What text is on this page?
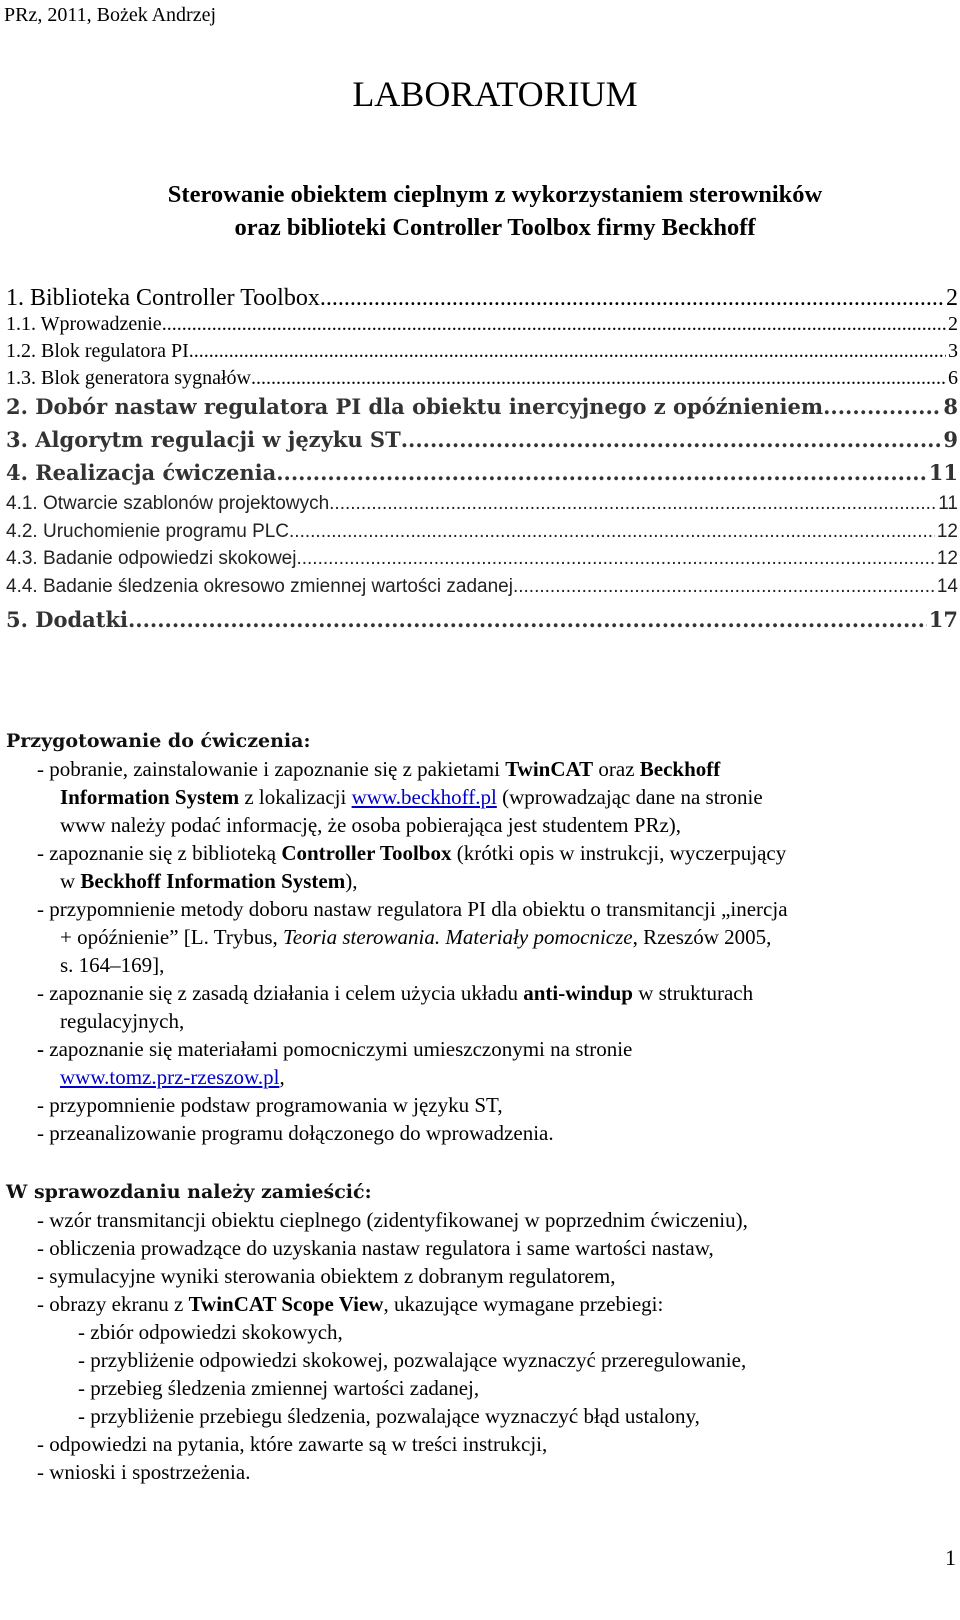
PRz, 2011, Bożek Andrzej
LABORATORIUM
Sterowanie obiektem cieplnym z wykorzystaniem sterowników
oraz biblioteki Controller Toolbox firmy Beckhoff
1. Biblioteka Controller Toolbox .....	2
1.1. Wprowadzenie .....	2
1.2. Blok regulatora PI .....	3
1.3. Blok generatora sygnałów .....	6
2. Dobór nastaw regulatora PI dla obiektu inercyjnego z opóźnieniem .....	8
3. Algorytm regulacji w języku ST .....	9
4. Realizacja ćwiczenia .....	11
4.1. Otwarcie szablonów projektowych .....	11
4.2. Uruchomienie programu PLC .....	12
4.3. Badanie odpowiedzi skokowej .....	12
4.4. Badanie śledzenia okresowo zmiennej wartości zadanej .....	14
5. Dodatki .....	17
Przygotowanie do ćwiczenia:
- pobranie, zainstalowanie i zapoznanie się z pakietami TwinCAT oraz Beckhoff
Information System z lokalizacji www.beckhoff.pl (wprowadzając dane na stronie
www należy podać informację, że osoba pobierająca jest studentem PRz),
- zapoznanie się z biblioteką Controller Toolbox (krótki opis w instrukcji, wyczerpujący
w Beckhoff Information System),
- przypomnienie metody doboru nastaw regulatora PI dla obiektu o transmitancji „inercja
+ opóźnienie” [L. Trybus, Teoria sterowania. Materiały pomocnicze, Rzeszów 2005,
s. 164–169],
- zapoznanie się z zasadą działania i celem użycia układu anti-windup w strukturach
regulacyjnych,
- zapoznanie się materiałami pomocniczymi umieszczonymi na stronie
www.tomz.prz-rzeszow.pl,
- przypomnienie podstaw programowania w języku ST,
- przeanalizowanie programu dołączonego do wprowadzenia.
W sprawozdaniu należy zamieścić:
- wzór transmitancji obiektu cieplnego (zidentyfikowanej w poprzednim ćwiczeniu),
- obliczenia prowadzące do uzyskania nastaw regulatora i same wartości nastaw,
- symulacyjne wyniki sterowania obiektem z dobranym regulatorem,
- obrazy ekranu z TwinCAT Scope View, ukazujące wymagane przebiegi:
- zbiór odpowiedzi skokowych,
- przybliżenie odpowiedzi skokowej, pozwalające wyznaczyć przeregulowanie,
- przebieg śledzenia zmiennej wartości zadanej,
- przybliżenie przebiegu śledzenia, pozwalające wyznaczyć błąd ustalony,
- odpowiedzi na pytania, które zawarte są w treści instrukcji,
- wnioski i spostrzeżenia.
1
